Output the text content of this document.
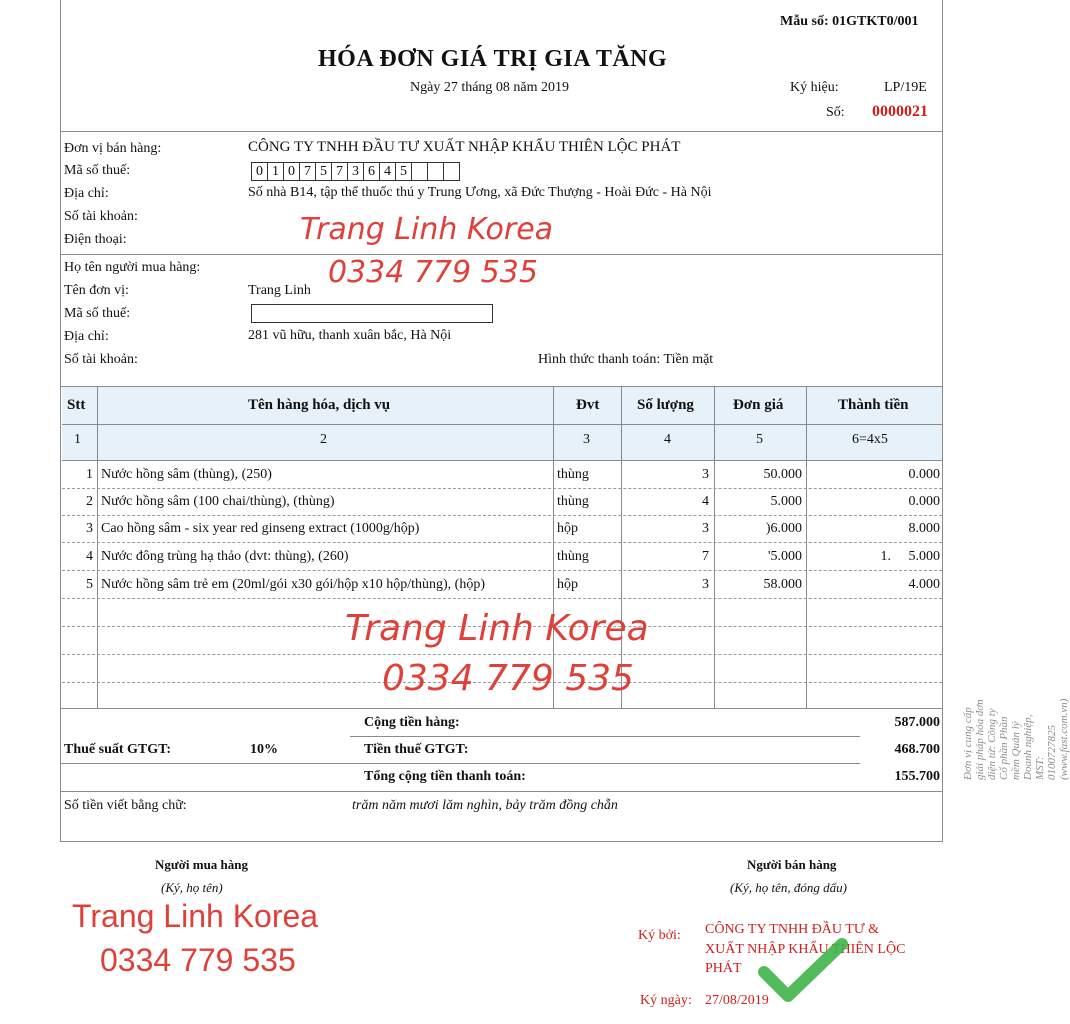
Mẫu số: 01GTKT0/001
HÓA ĐƠN GIÁ TRỊ GIA TĂNG
Ngày 27 tháng 08 năm 2019	Ký hiệu:	LP/19E
Số: 0000021
Đơn vị bán hàng:	CÔNG TY TNHH ĐẦU TƯ XUẤT NHẬP KHẨU THIÊN LỘC PHÁT
Mã số thuế:	0 1 0 7 5 7 3 6 4 5
Địa chỉ:	Số nhà B14, tập thể thuốc thú y Trung Ương, xã Đức Thượng - Hoài Đức - Hà Nội
Số tài khoản:
Điện thoại:
Họ tên người mua hàng:
Tên đơn vị:	Trang Linh
Mã số thuế:
Địa chỉ:	281 vũ hữu, thanh xuân bắc, Hà Nội
Số tài khoản:	Hình thức thanh toán: Tiền mặt
Stt	Tên hàng hóa, dịch vụ	Đvt	Số lượng	Đơn giá	Thành tiền
1	2	3	4	5	6=4x5
1 Nước hồng sâm (thùng), (250)	thùng	3	50.000	0.000
2 Nước hồng sâm (100 chai/thùng), (thùng)	thùng	4	5.000	0.000
3 Cao hồng sâm - six year red ginseng extract (1000g/hộp)	hộp	3	)6.000	8.000
4 Nước đông trùng hạ thảo (dvt: thùng), (260)	thùng	7	'5.000	1.     5.000
5 Nước hồng sâm trẻ em (20ml/gói x30 gói/hộp x10 hộp/thùng), (hộp)	hộp	3	58.000	4.000
Cộng tiền hàng:	587.000
Thuế suất GTGT:	10%	Tiền thuế GTGT:	468.700
Tổng cộng tiền thanh toán:	155.700
Số tiền viết bằng chữ:	trăm năm mươi lăm nghìn, bảy trăm đồng chẵn
Người mua hàng
(Ký, họ tên)
Người bán hàng
(Ký, họ tên, đóng dấu)
Ký bởi: CÔNG TY TNHH ĐẦU TƯ &
XUẤT NHẬP KHẨU THIÊN LỘC
PHÁT
Ký ngày: 27/08/2019
Trang Linh Korea
0334 779 535
Trang Linh Korea
0334 779 535
Trang Linh Korea
0334 779 535
Đơn vị cung cấp giải pháp hóa đơn điện tử: Công ty Cổ phần Phần mềm Quản lý Doanh nghiệp, MST: 0100727825 (www.fast.com.vn)
